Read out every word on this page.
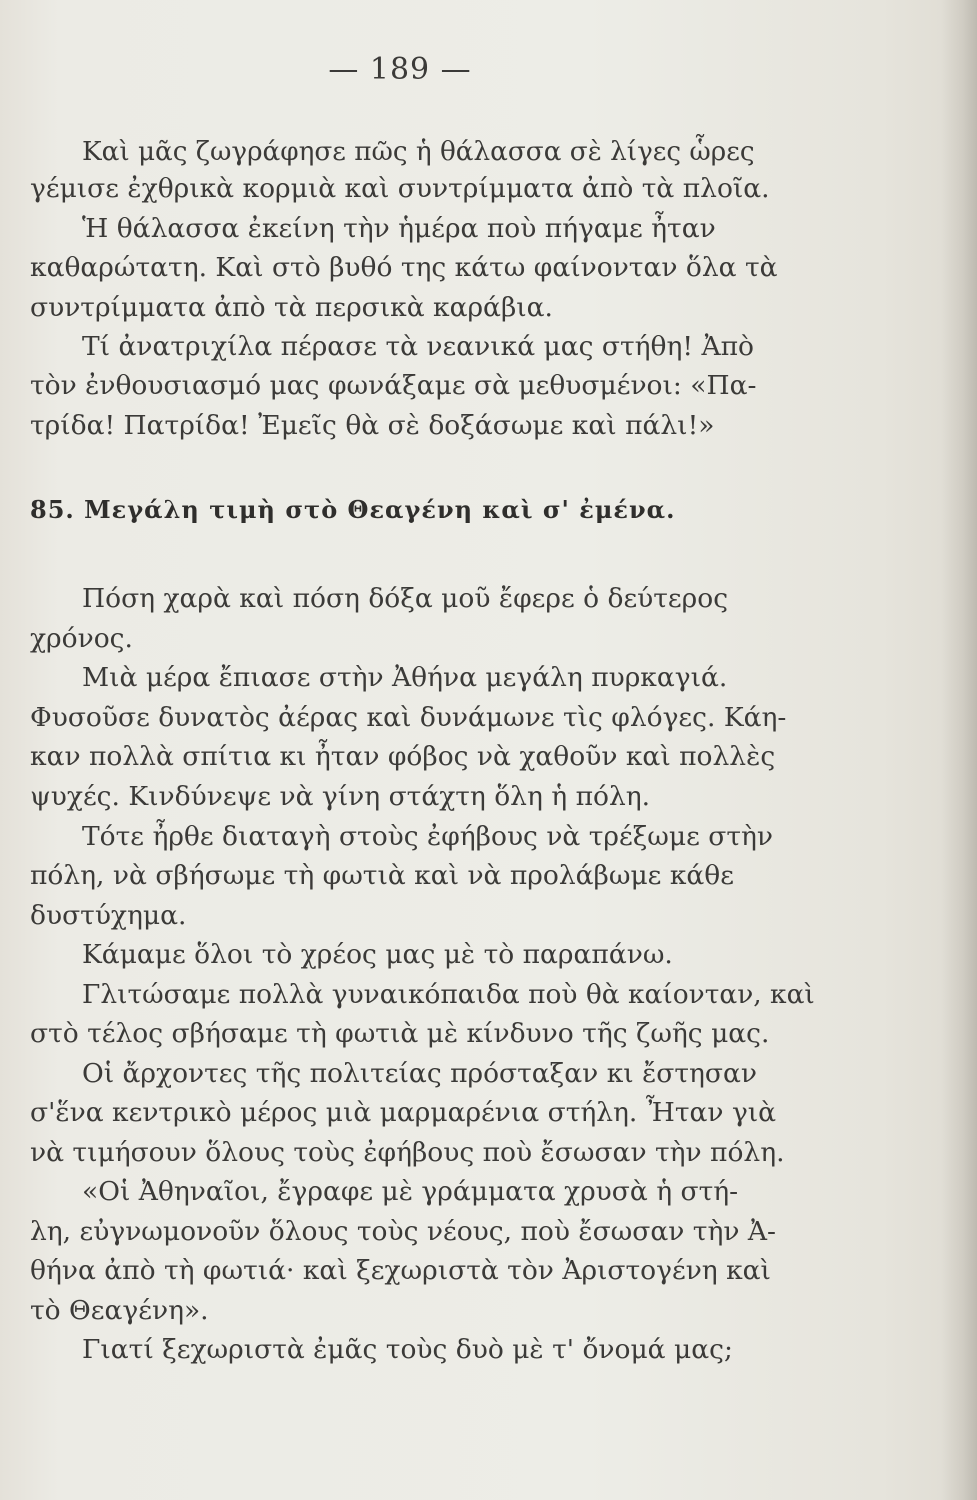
— 189 —
Καὶ μᾶς ζωγράφησε πῶς ἡ θάλασσα σὲ λίγες ὧρες
γέμισε ἐχθρικὰ κορμιὰ καὶ συντρίμματα ἀπὸ τὰ πλοῖα.
Ἡ θάλασσα ἐκείνη τὴν ἡμέρα ποὺ πήγαμε ἦταν
καθαρώτατη. Καὶ στὸ βυθό της κάτω φαίνονταν ὅλα τὰ
συντρίμματα ἀπὸ τὰ περσικὰ καράβια.
Τί ἀνατριχίλα πέρασε τὰ νεανικά μας στήθη! Ἀπὸ
τὸν ἐνθουσιασμό μας φωνάξαμε σὰ μεθυσμένοι: «Πα-
τρίδα! Πατρίδα! Ἐμεῖς θὰ σὲ δοξάσωμε καὶ πάλι!»
85. Μεγάλη τιμὴ στὸ Θεαγένη καὶ σ' ἐμένα.
Πόση χαρὰ καὶ πόση δόξα μοῦ ἔφερε ὁ δεύτερος
χρόνος.
Μιὰ μέρα ἔπιασε στὴν Ἀθήνα μεγάλη πυρκαγιά.
Φυσοῦσε δυνατὸς ἀέρας καὶ δυνάμωνε τὶς φλόγες. Κάη-
καν πολλὰ σπίτια κι ἦταν φόβος νὰ χαθοῦν καὶ πολλὲς
ψυχές. Κινδύνεψε νὰ γίνη στάχτη ὅλη ἡ πόλη.
Τότε ἦρθε διαταγὴ στοὺς ἐφήβους νὰ τρέξωμε στὴν
πόλη, νὰ σβήσωμε τὴ φωτιὰ καὶ νὰ προλάβωμε κάθε
δυστύχημα.
Κάμαμε ὅλοι τὸ χρέος μας μὲ τὸ παραπάνω.
Γλιτώσαμε πολλὰ γυναικόπαιδα ποὺ θὰ καίονταν, καὶ
στὸ τέλος σβήσαμε τὴ φωτιὰ μὲ κίνδυνο τῆς ζωῆς μας.
Οἱ ἄρχοντες τῆς πολιτείας πρόσταξαν κι ἔστησαν
σ'ἕνα κεντρικὸ μέρος μιὰ μαρμαρένια στήλη. Ἦταν γιὰ
νὰ τιμήσουν ὅλους τοὺς ἐφήβους ποὺ ἔσωσαν τὴν πόλη.
«Οἱ Ἀθηναῖοι, ἔγραφε μὲ γράμματα χρυσὰ ἡ στή-
λη, εὐγνωμονοῦν ὅλους τοὺς νέους, ποὺ ἔσωσαν τὴν Ἀ-
θήνα ἀπὸ τὴ φωτιά· καὶ ξεχωριστὰ τὸν Ἀριστογένη καὶ
τὸ Θεαγένη».
Γιατί ξεχωριστὰ ἐμᾶς τοὺς δυὸ μὲ τ' ὄνομά μας;
